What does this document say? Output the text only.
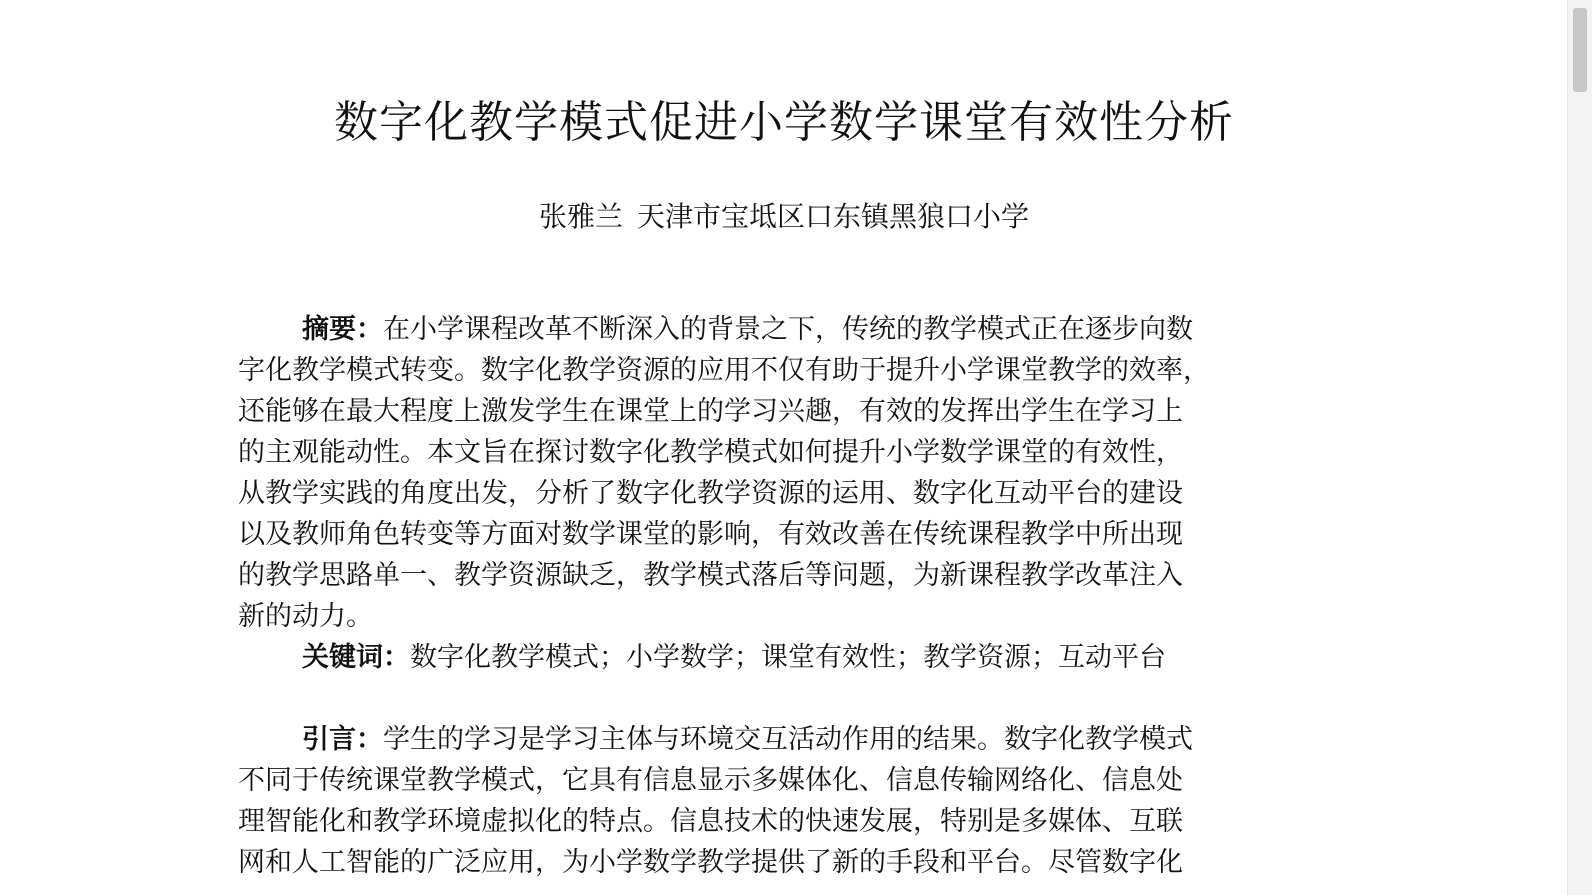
数字化教学模式促进小学数学课堂有效性分析
张雅兰 天津市宝坻区口东镇黑狼口小学
摘要：在小学课程改革不断深入的背景之下，传统的教学模式正在逐步向数
字化教学模式转变。数字化教学资源的应用不仅有助于提升小学课堂教学的效率，
还能够在最大程度上激发学生在课堂上的学习兴趣，有效的发挥出学生在学习上
的主观能动性。本文旨在探讨数字化教学模式如何提升小学数学课堂的有效性，
从教学实践的角度出发，分析了数字化教学资源的运用、数字化互动平台的建设
以及教师角色转变等方面对数学课堂的影响，有效改善在传统课程教学中所出现
的教学思路单一、教学资源缺乏，教学模式落后等问题，为新课程教学改革注入
新的动力。
关键词：数字化教学模式；小学数学；课堂有效性；教学资源；互动平台
引言：学生的学习是学习主体与环境交互活动作用的结果。数字化教学模式
不同于传统课堂教学模式，它具有信息显示多媒体化、信息传输网络化、信息处
理智能化和教学环境虚拟化的特点。信息技术的快速发展，特别是多媒体、互联
网和人工智能的广泛应用，为小学数学教学提供了新的手段和平台。尽管数字化
